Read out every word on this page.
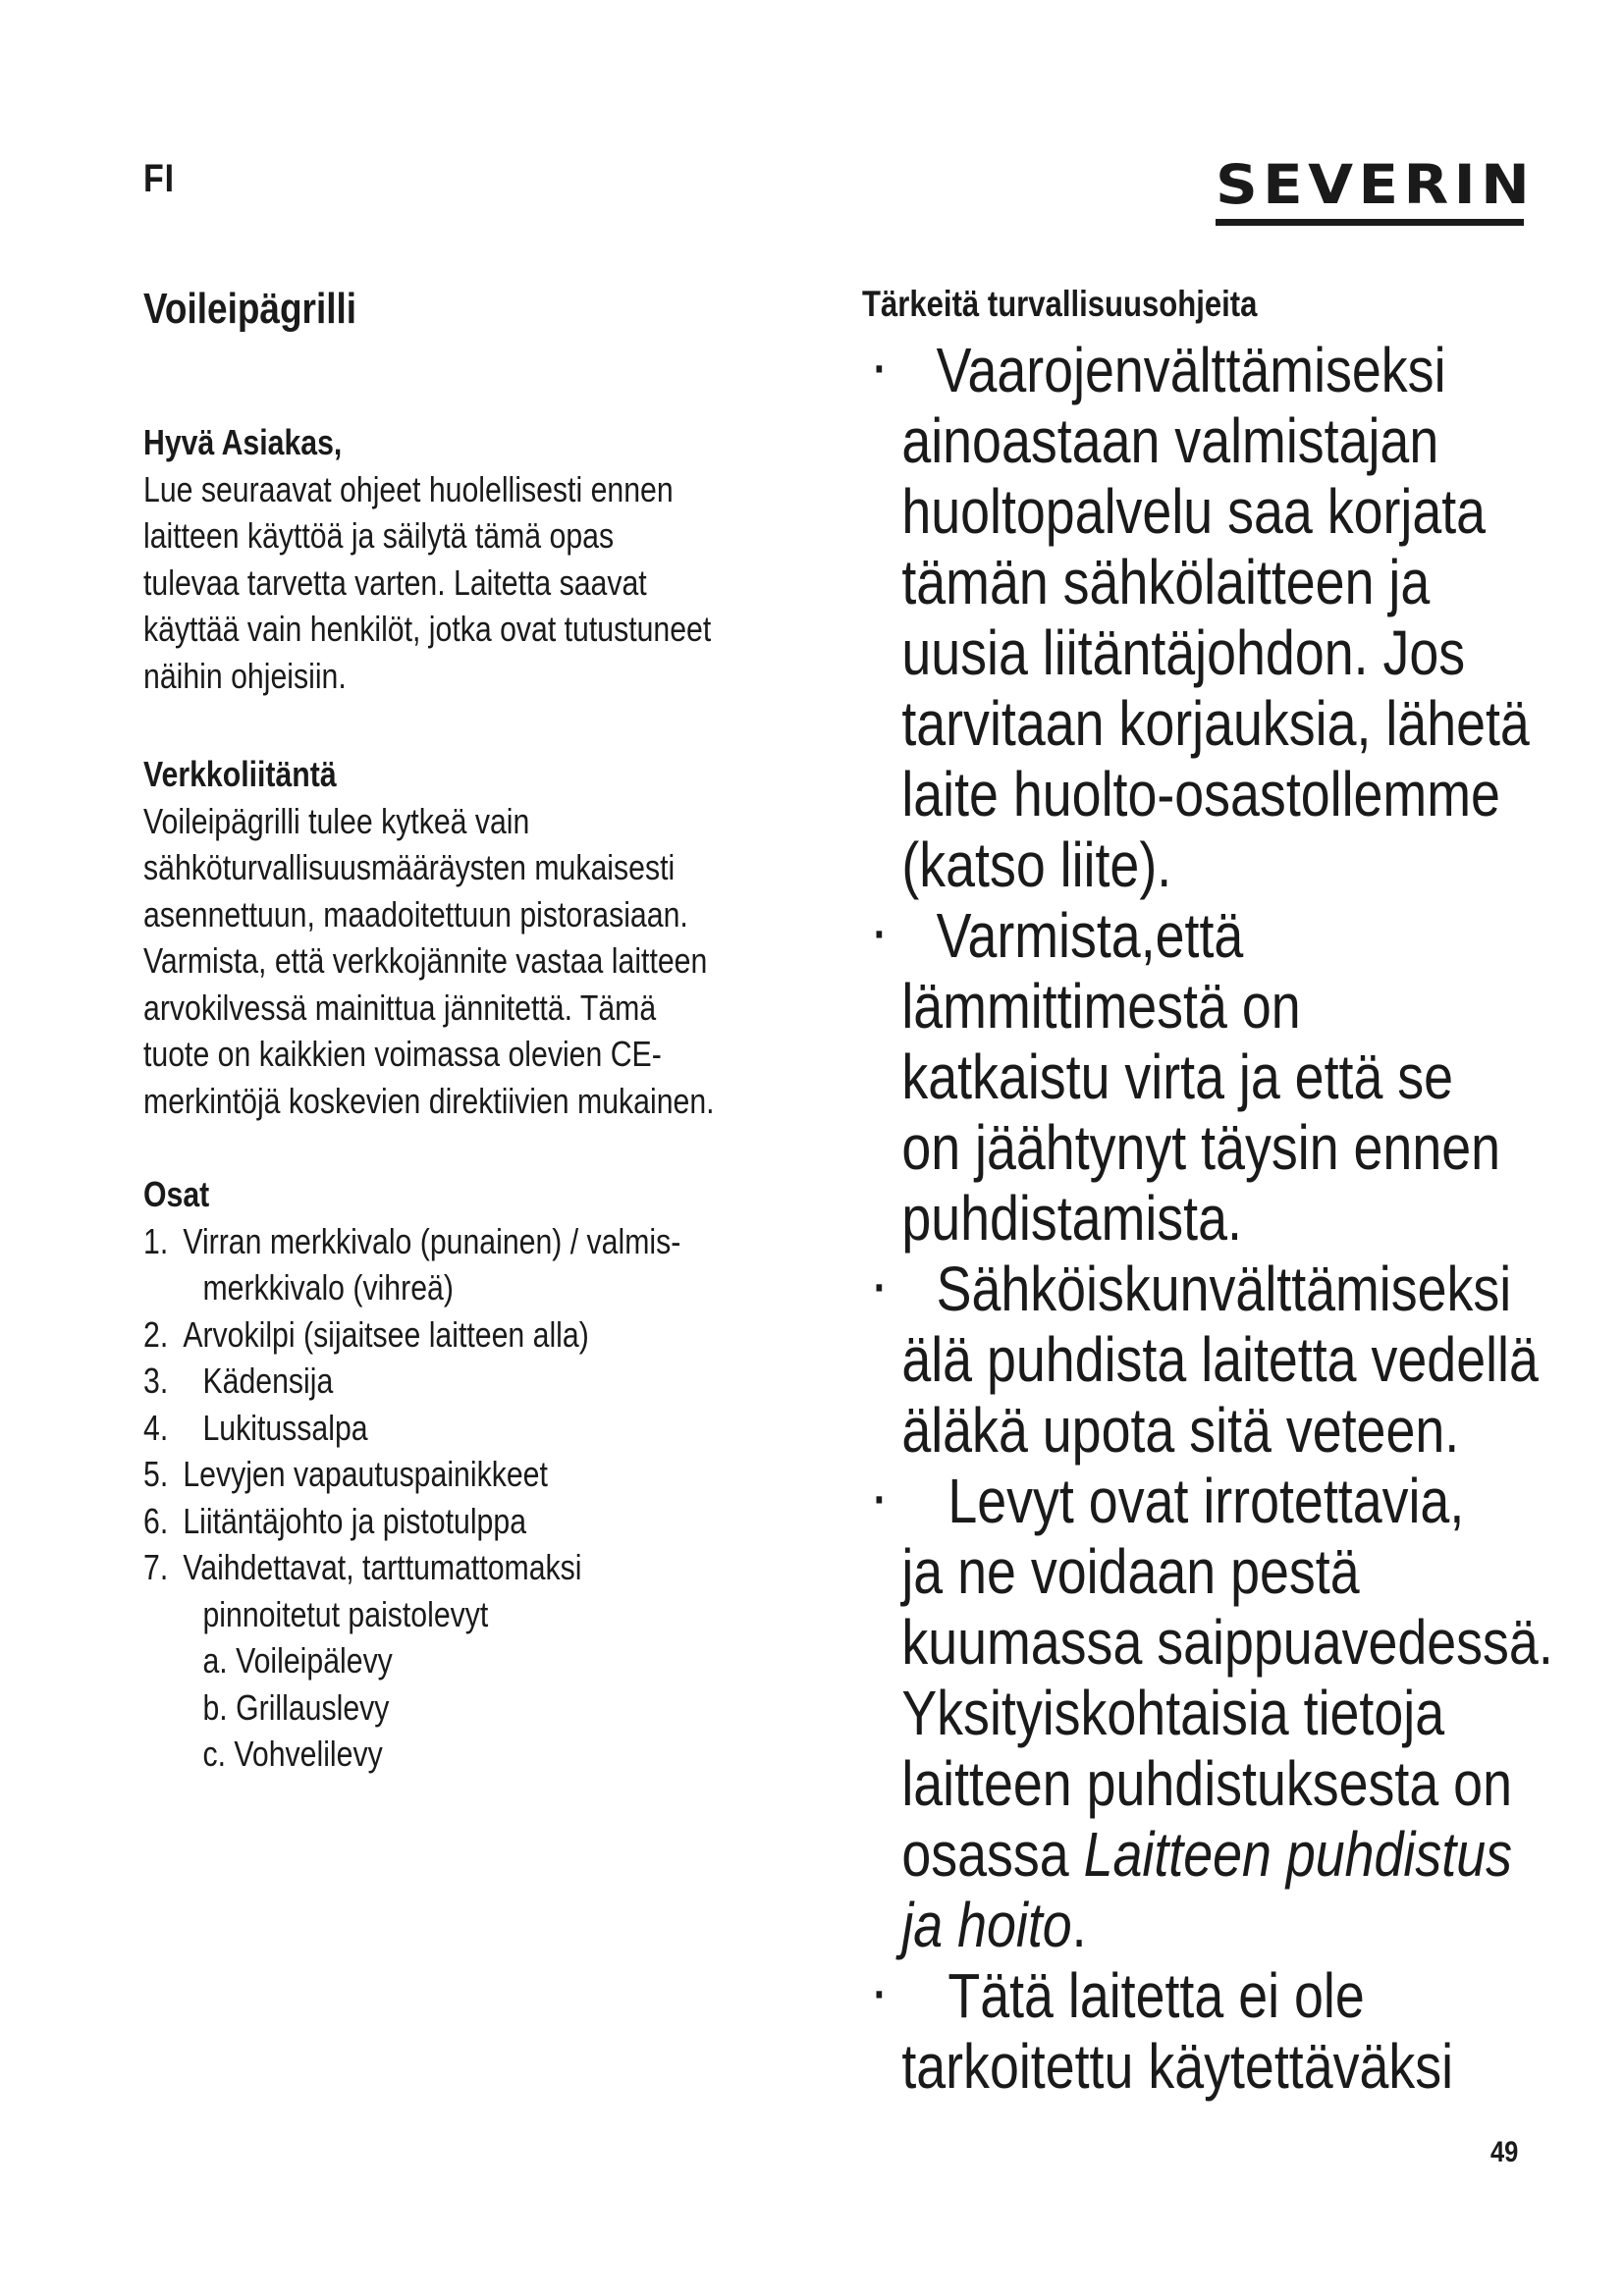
FI	SEVERIN
Voileipägrilli
Hyvä Asiakas,
Lue seuraavat ohjeet huolellisesti ennen
laitteen käyttöä ja säilytä tämä opas
tulevaa tarvetta varten. Laitetta saavat
käyttää vain henkilöt, jotka ovat tutustuneet
näihin ohjeisiin.
Verkkoliitäntä
Voileipägrilli tulee kytkeä vain
sähköturvallisuusmääräysten mukaisesti
asennettuun, maadoitettuun pistorasiaan.
Varmista, että verkkojännite vastaa laitteen
arvokilvessä mainittua jännitettä. Tämä
tuote on kaikkien voimassa olevien CE-
merkintöjä koskevien direktiivien mukainen.
Osat
1. Virran merkkivalo (punainen) / valmis-
merkkivalo (vihreä)
2. Arvokilpi (sijaitsee laitteen alla)
3. Kädensija
4. Lukitussalpa
5. Levyjen vapautuspainikkeet
6. Liitäntäjohto ja pistotulppa
7. Vaihdettavat, tarttumattomaksi
pinnoitetut paistolevyt
a. Voileipälevy
b. Grillauslevy
c. Vohvelilevy
Tärkeitä turvallisuusohjeita
· Vaarojenvälttämiseksi
ainoastaan valmistajan
huoltopalvelu saa korjata
tämän sähkölaitteen ja
uusia liitäntäjohdon. Jos
tarvitaan korjauksia, lähetä
laite huolto-osastollemme
(katso liite).
· Varmista,että
lämmittimestä on
katkaistu virta ja että se
on jäähtynyt täysin ennen
puhdistamista.
· Sähköiskunvälttämiseksi
älä puhdista laitetta vedellä
äläkä upota sitä veteen.
· Levyt ovat irrotettavia,
ja ne voidaan pestä
kuumassa saippuavedessä.
Yksityiskohtaisia tietoja
laitteen puhdistuksesta on
osassa Laitteen puhdistus
ja hoito.
· Tätä laitetta ei ole
tarkoitettu käytettäväksi
49
